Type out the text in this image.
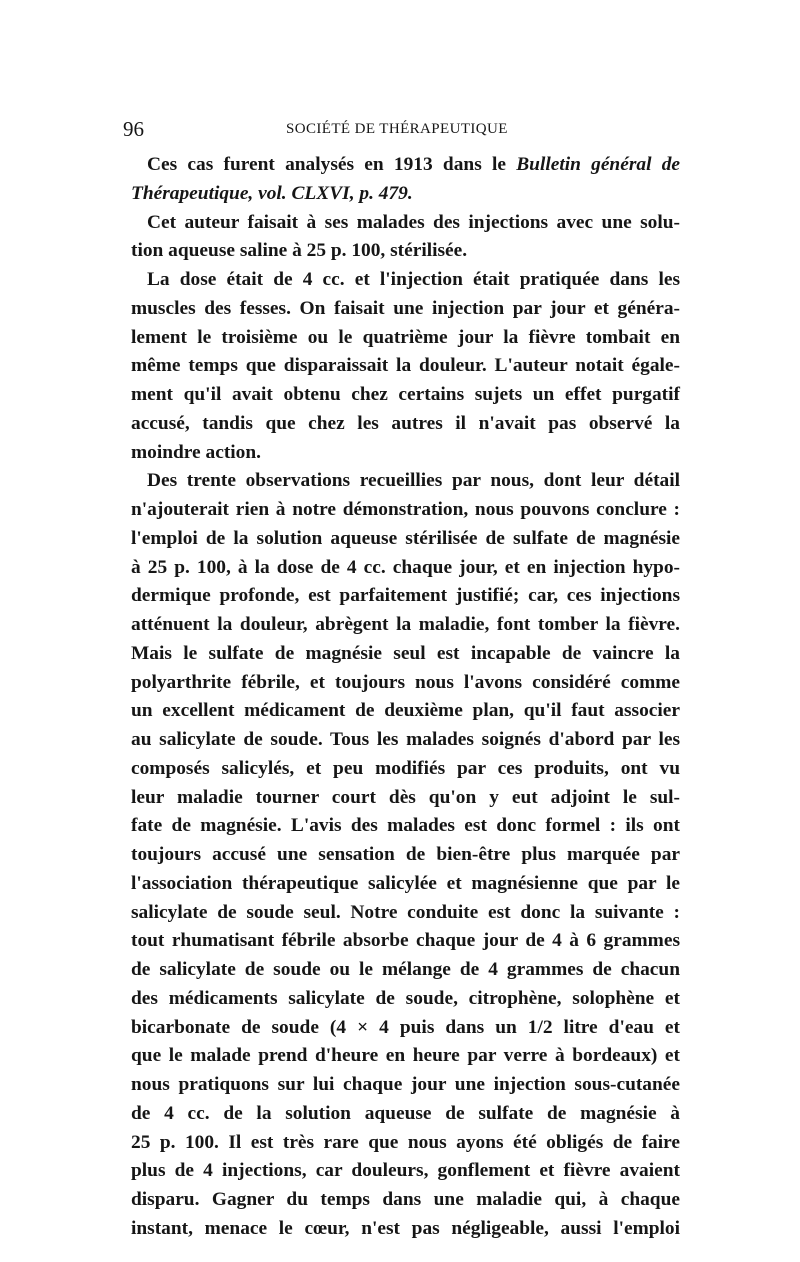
96	SOCIÉTÉ DE THÉRAPEUTIQUE
Ces cas furent analysés en 1913 dans le Bulletin général de
Thérapeutique, vol. CLXVI, p. 479.
Cet auteur faisait à ses malades des injections avec une solu-
tion aqueuse saline à 25 p. 100, stérilisée.
La dose était de 4 cc. et l'injection était pratiquée dans les
muscles des fesses. On faisait une injection par jour et généra-
lement le troisième ou le quatrième jour la fièvre tombait en
même temps que disparaissait la douleur. L'auteur notait égale-
ment qu'il avait obtenu chez certains sujets un effet purgatif
accusé, tandis que chez les autres il n'avait pas observé la
moindre action.
Des trente observations recueillies par nous, dont leur détail
n'ajouterait rien à notre démonstration, nous pouvons conclure :
l'emploi de la solution aqueuse stérilisée de sulfate de magnésie
à 25 p. 100, à la dose de 4 cc. chaque jour, et en injection hypo-
dermique profonde, est parfaitement justifié; car, ces injections
atténuent la douleur, abrègent la maladie, font tomber la fièvre.
Mais le sulfate de magnésie seul est incapable de vaincre la
polyarthrite fébrile, et toujours nous l'avons considéré comme
un excellent médicament de deuxième plan, qu'il faut associer
au salicylate de soude. Tous les malades soignés d'abord par les
composés salicylés, et peu modifiés par ces produits, ont vu
leur maladie tourner court dès qu'on y eut adjoint le sul-
fate de magnésie. L'avis des malades est donc formel : ils ont
toujours accusé une sensation de bien-être plus marquée par
l'association thérapeutique salicylée et magnésienne que par le
salicylate de soude seul. Notre conduite est donc la suivante :
tout rhumatisant fébrile absorbe chaque jour de 4 à 6 grammes
de salicylate de soude ou le mélange de 4 grammes de chacun
des médicaments salicylate de soude, citrophène, solophène et
bicarbonate de soude (4 × 4 puis dans un 1/2 litre d'eau et
que le malade prend d'heure en heure par verre à bordeaux) et
nous pratiquons sur lui chaque jour une injection sous-cutanée
de 4 cc. de la solution aqueuse de sulfate de magnésie à
25 p. 100. Il est très rare que nous ayons été obligés de faire
plus de 4 injections, car douleurs, gonflement et fièvre avaient
disparu. Gagner du temps dans une maladie qui, à chaque
instant, menace le cœur, n'est pas négligeable, aussi l'emploi
